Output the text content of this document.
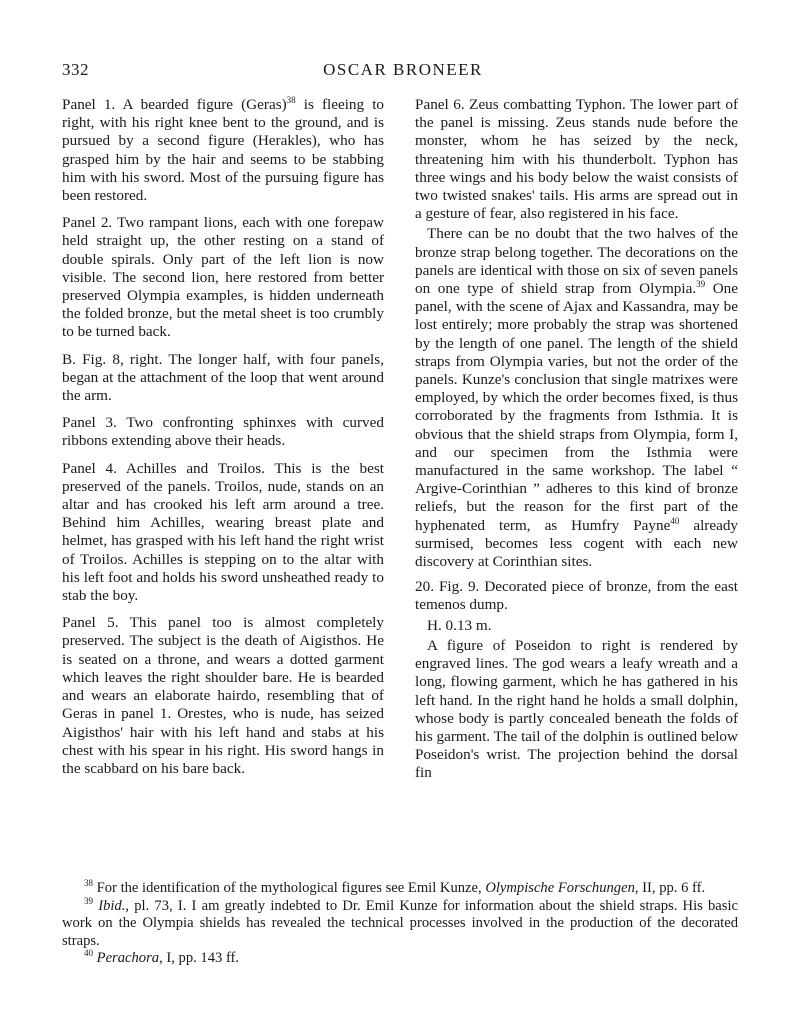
332	OSCAR BRONEER

Panel 1. A bearded figure (Geras)$^{38}$ is fleeing to right, with his right knee bent to the ground, and is pursued by a second figure (Herakles), who has grasped him by the hair and seems to be stabbing him with his sword. Most of the pursuing figure has been restored.

Panel 2. Two rampant lions, each with one forepaw held straight up, the other resting on a stand of double spirals. Only part of the left lion is now visible. The second lion, here restored from better preserved Olympia examples, is hidden underneath the folded bronze, but the metal sheet is too crumbly to be turned back.

B. Fig. 8, right. The longer half, with four panels, began at the attachment of the loop that went around the arm.

Panel 3. Two confronting sphinxes with curved ribbons extending above their heads.

Panel 4. Achilles and Troilos. This is the best preserved of the panels. Troilos, nude, stands on an altar and has crooked his left arm around a tree. Behind him Achilles, wearing breast plate and helmet, has grasped with his left hand the right wrist of Troilos. Achilles is stepping on to the altar with his left foot and holds his sword unsheathed ready to stab the boy.

Panel 5. This panel too is almost completely preserved. The subject is the death of Aigisthos. He is seated on a throne, and wears a dotted garment which leaves the right shoulder bare. He is bearded and wears an elaborate hairdo, resembling that of Geras in panel 1. Orestes, who is nude, has seized Aigisthos' hair with his left hand and stabs at his chest with his spear in his right. His sword hangs in the scabbard on his bare back.

Panel 6. Zeus combatting Typhon. The lower part of the panel is missing. Zeus stands nude before the monster, whom he has seized by the neck, threatening him with his thunderbolt. Typhon has three wings and his body below the waist consists of two twisted snakes' tails. His arms are spread out in a gesture of fear, also registered in his face.

There can be no doubt that the two halves of the bronze strap belong together. The decorations on the panels are identical with those on six of seven panels on one type of shield strap from Olympia.$^{39}$ One panel, with the scene of Ajax and Kassandra, may be lost entirely; more probably the strap was shortened by the length of one panel. The length of the shield straps from Olympia varies, but not the order of the panels. Kunze's conclusion that single matrixes were employed, by which the order becomes fixed, is thus corroborated by the fragments from Isthmia. It is obvious that the shield straps from Olympia, form I, and our specimen from the Isthmia were manufactured in the same workshop. The label “ Argive-Corinthian ” adheres to this kind of bronze reliefs, but the reason for the first part of the hyphenated term, as Humfry Payne$^{40}$ already surmised, becomes less cogent with each new discovery at Corinthian sites.

20. Fig. 9. Decorated piece of bronze, from the east temenos dump.

H. 0.13 m.

A figure of Poseidon to right is rendered by engraved lines. The god wears a leafy wreath and a long, flowing garment, which he has gathered in his left hand. In the right hand he holds a small dolphin, whose body is partly concealed beneath the folds of his garment. The tail of the dolphin is outlined below Poseidon's wrist. The projection behind the dorsal fin

$^{38}$ For the identification of the mythological figures see Emil Kunze, Olympische Forschungen, II, pp. 6 ff.

$^{39}$ Ibid., pl. 73, I. I am greatly indebted to Dr. Emil Kunze for information about the shield straps. His basic work on the Olympia shields has revealed the technical processes involved in the production of the decorated straps.

$^{40}$ Perachora, I, pp. 143 ff.
